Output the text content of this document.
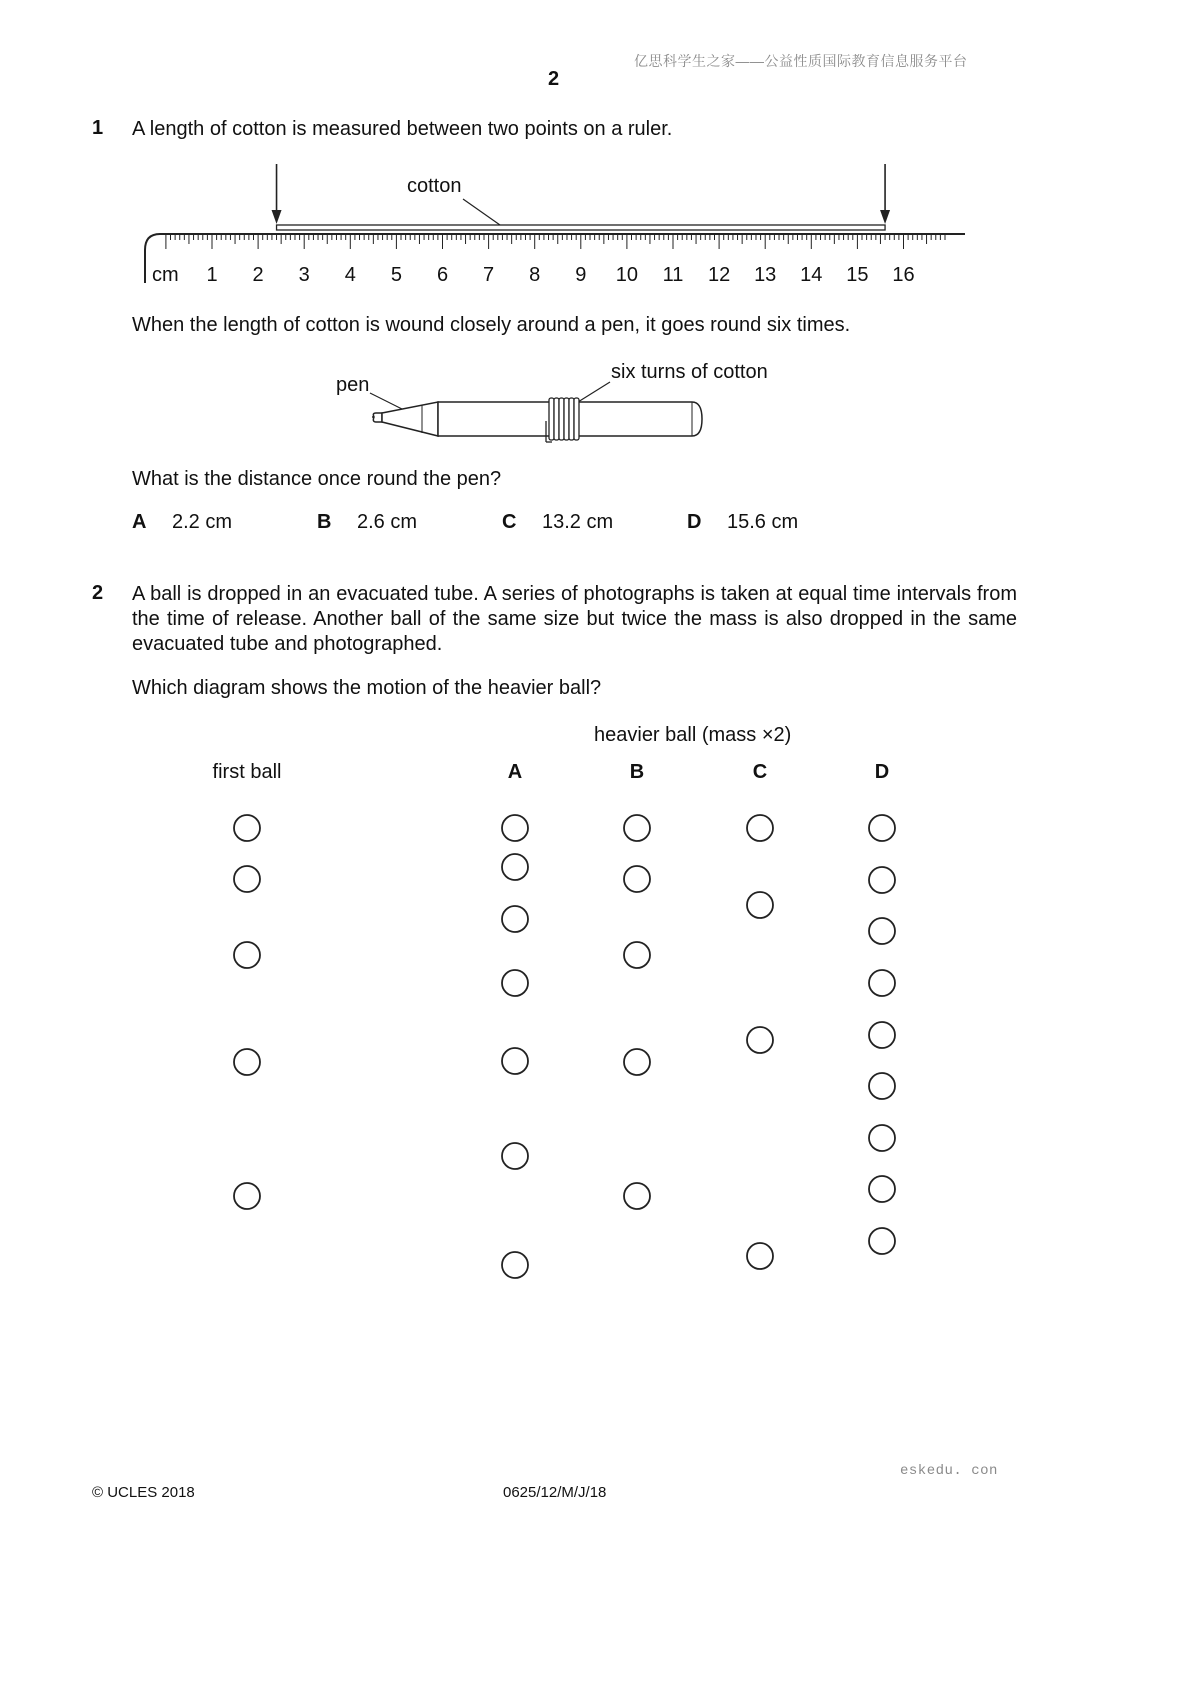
亿思科学生之家——公益性质国际教育信息服务平台
2
1 A length of cotton is measured between two points on a ruler.
cm 1 2 3 4 5 6 7 8 9 10 11 12 13 14 15 16
cotton
When the length of cotton is wound closely around a pen, it goes round six times.
pen
six turns of cotton
What is the distance once round the pen?
A 2.2 cm	B 2.6 cm	C 13.2 cm	D 15.6 cm
2 A ball is dropped in an evacuated tube. A series of photographs is taken at equal time intervals from the time of release. Another ball of the same size but twice the mass is also dropped in the same evacuated tube and photographed.
Which diagram shows the motion of the heavier ball?
heavier ball (mass ×2)
first ball	A	B	C	D
eskedu. con
© UCLES 2018	0625/12/M/J/18
